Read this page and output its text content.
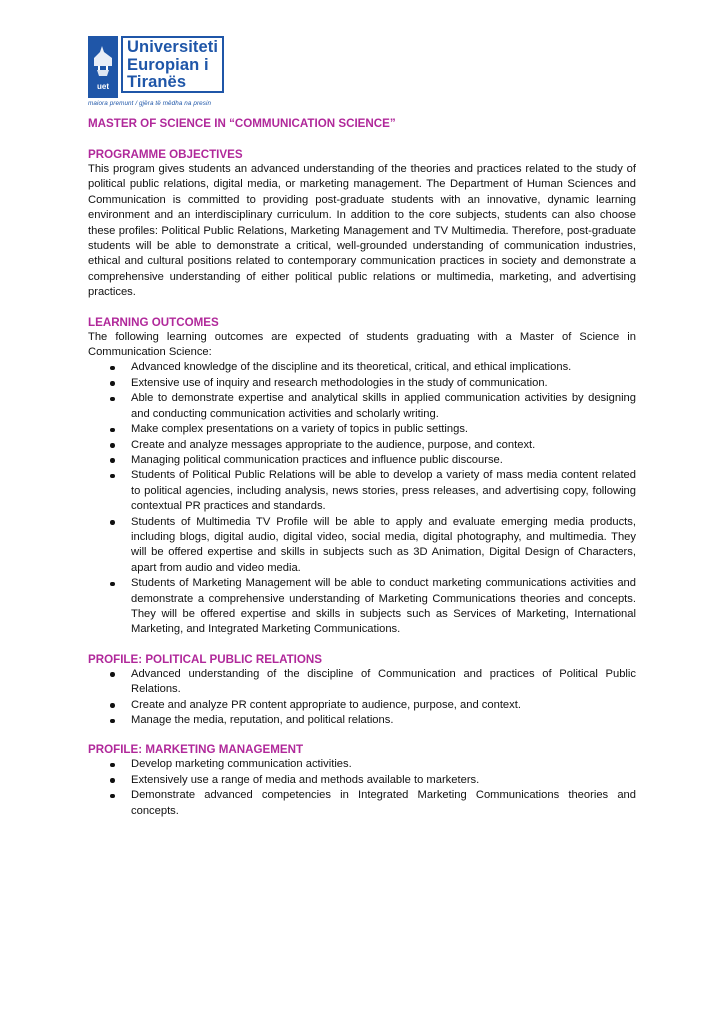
uet
Universiteti
Europian i
Tiranës
maiora premunt / gjëra të mëdha na presin
MASTER OF SCIENCE IN “COMMUNICATION SCIENCE”
PROGRAMME OBJECTIVES

This program gives students an advanced understanding of the theories and practices related to the study of political public relations, digital media, or marketing management. The Department of Human Sciences and Communication is committed to providing post-graduate students with an innovative, dynamic learning environment and an interdisciplinary curriculum. In addition to the core subjects, students can also choose these profiles: Political Public Relations, Marketing Management and TV Multimedia. Therefore, post-graduate students will be able to demonstrate a critical, well-grounded understanding of communication industries, ethical and cultural positions related to contemporary communication practices in society and demonstrate a comprehensive understanding of either political public relations or multimedia, marketing, and advertising practices.

LEARNING OUTCOMES

The following learning outcomes are expected of students graduating with a Master of Science in Communication Science:

Advanced knowledge of the discipline and its theoretical, critical, and ethical implications.
Extensive use of inquiry and research methodologies in the study of communication.
Able to demonstrate expertise and analytical skills in applied communication activities by designing and conducting communication activities and scholarly writing.
Make complex presentations on a variety of topics in public settings.
Create and analyze messages appropriate to the audience, purpose, and context.
Managing political communication practices and influence public discourse.
Students of Political Public Relations will be able to develop a variety of mass media content related to political agencies, including analysis, news stories, press releases, and advertising copy, following contextual PR practices and standards.
Students of Multimedia TV Profile will be able to apply and evaluate emerging media products, including blogs, digital audio, digital video, social media, digital photography, and multimedia. They will be offered expertise and skills in subjects such as 3D Animation, Digital Design of Characters, apart from audio and video media.
Students of Marketing Management will be able to conduct marketing communications activities and demonstrate a comprehensive understanding of Marketing Communications theories and concepts. They will be offered expertise and skills in subjects such as Services of Marketing, International Marketing, and Integrated Marketing Communications.
PROFILE: POLITICAL PUBLIC RELATIONS
Advanced understanding of the discipline of Communication and practices of Political Public Relations.
Create and analyze PR content appropriate to audience, purpose, and context.
Manage the media, reputation, and political relations.
PROFILE: MARKETING MANAGEMENT
Develop marketing communication activities.
Extensively use a range of media and methods available to marketers.
Demonstrate advanced competencies in Integrated Marketing Communications theories and concepts.
